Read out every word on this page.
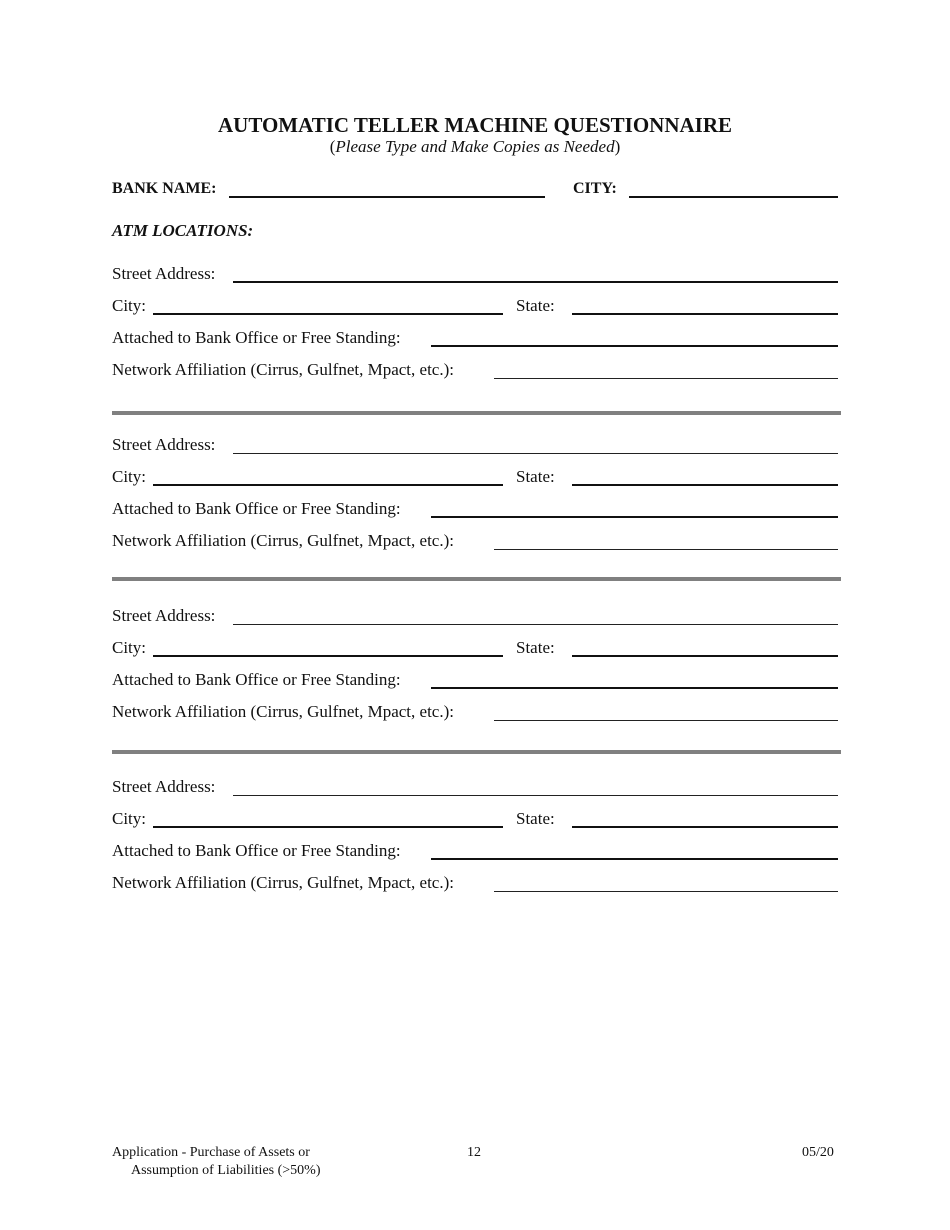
AUTOMATIC TELLER MACHINE QUESTIONNAIRE
(Please Type and Make Copies as Needed)
BANK NAME:	CITY:
ATM LOCATIONS:
Street Address:
City:	State:
Attached to Bank Office or Free Standing:
Network Affiliation (Cirrus, Gulfnet, Mpact, etc.):
Street Address:
City:	State:
Attached to Bank Office or Free Standing:
Network Affiliation (Cirrus, Gulfnet, Mpact, etc.):
Street Address:
City:	State:
Attached to Bank Office or Free Standing:
Network Affiliation (Cirrus, Gulfnet, Mpact, etc.):
Street Address:
City:	State:
Attached to Bank Office or Free Standing:
Network Affiliation (Cirrus, Gulfnet, Mpact, etc.):
Application - Purchase of Assets or
Assumption of Liabilities (>50%)
12	05/20
